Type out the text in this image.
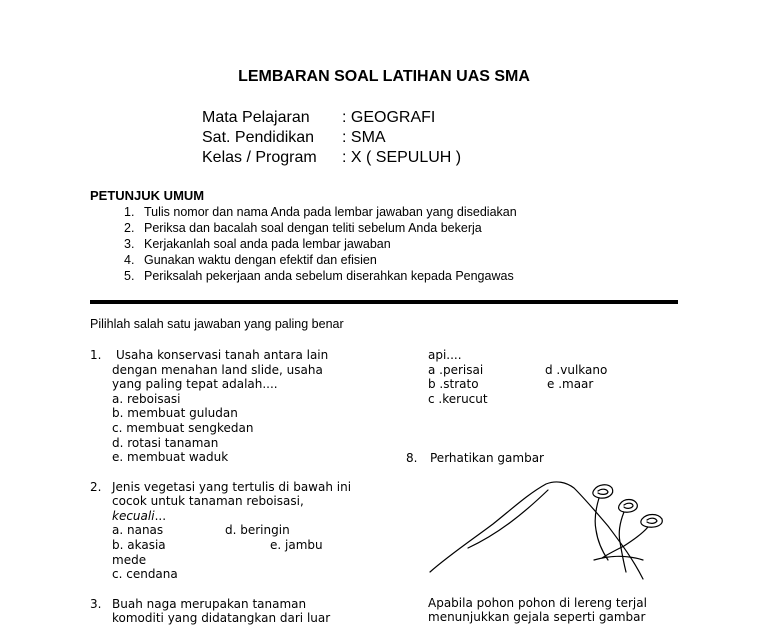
LEMBARAN SOAL LATIHAN UAS SMA
Mata Pelajaran : GEOGRAFI
Sat. Pendidikan : SMA
Kelas / Program : X ( SEPULUH )
PETUNJUK UMUM
1. Tulis nomor dan nama Anda pada lembar jawaban yang disediakan
2. Periksa dan bacalah soal dengan teliti sebelum Anda bekerja
3. Kerjakanlah soal anda pada lembar jawaban
4. Gunakan waktu dengan efektif dan efisien
5. Periksalah pekerjaan anda sebelum diserahkan kepada Pengawas
Pilihlah salah satu jawaban yang paling benar
1. Usaha konservasi tanah antara lain
dengan menahan land slide, usaha
yang paling tepat adalah....
a. reboisasi
b. membuat guludan
c. membuat sengkedan
d. rotasi tanaman
e. membuat waduk
2. Jenis vegetasi yang tertulis di bawah ini
cocok untuk tanaman reboisasi,
kecuali...
a. nanas	d. beringin
b. akasia	e. jambu
mede
c. cendana
3. Buah naga merupakan tanaman
komoditi yang didatangkan dari luar
api....
a .perisai	d .vulkano
b .strato	e .maar
c .kerucut
8. Perhatikan gambar
Apabila pohon pohon di lereng terjal
menunjukkan gejala seperti gambar
